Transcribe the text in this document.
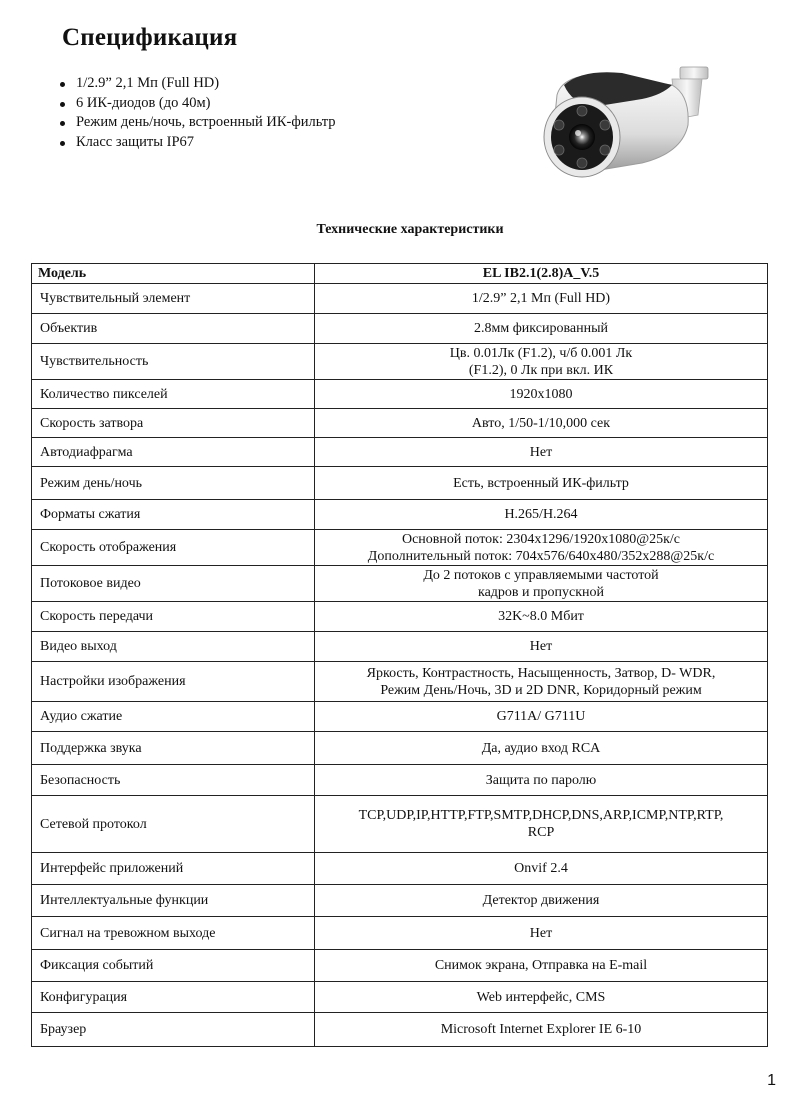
Спецификация
1/2.9” 2,1 Мп (Full HD)
6 ИК-диодов (до 40м)
Режим день/ночь, встроенный ИК-фильтр
Класс защиты IP67
Технические характеристики
Модель	EL IB2.1(2.8)A_V.5
Чувствительный элемент	1/2.9” 2,1 Мп (Full HD)
Объектив	2.8мм фиксированный
Чувствительность	Цв. 0.01Лк (F1.2), ч/б 0.001 Лк
(F1.2), 0 Лк при вкл. ИК

Количество пикселей	1920x1080
Скорость затвора	Авто, 1/50-1/10,000 сек
Автодиафрагма	Нет
Режим день/ночь	Есть, встроенный ИК-фильтр
Форматы сжатия	H.265/H.264
Скорость отображения	Основной поток: 2304x1296/1920x1080@25к/с
Дополнительный поток: 704x576/640x480/352x288@25к/с

Потоковое видео	До 2 потоков с управляемыми частотой
кадров и пропускной

Скорость передачи	32K~8.0 Мбит
Видео выход	Нет
Настройки изображения	Яркость, Контрастность, Насыщенность, Затвор, D- WDR,
Режим День/Ночь, 3D и 2D DNR, Коридорный режим

Аудио сжатие	G711A/ G711U
Поддержка звука	Да, аудио вход RCA
Безопасность	Защита по паролю
Сетевой протокол	TCP,UDP,IP,HTTP,FTP,SMTP,DHCP,DNS,ARP,ICMP,NTP,RTP,
RCP

Интерфейс приложений	Onvif 2.4
Интеллектуальные функции	Детектор движения
Сигнал на тревожном выходе	Нет
Фиксация событий	Снимок экрана, Отправка на E-mail
Конфигурация	Web интерфейс, CMS
Браузер	Microsoft Internet Explorer IE 6-10
1
